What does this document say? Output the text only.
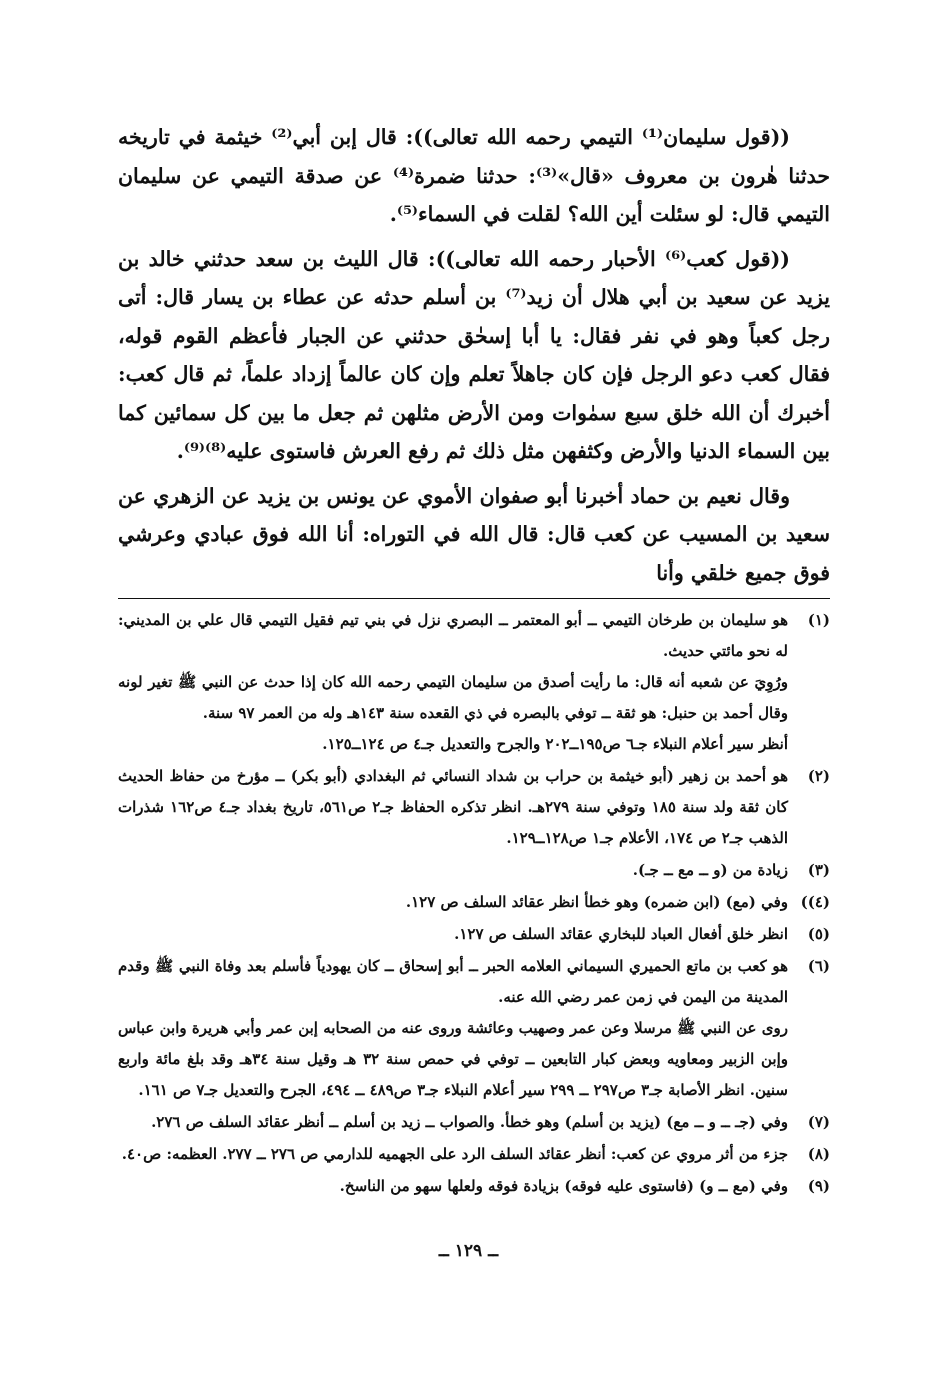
((قول سليمان⁽¹⁾ التيمي رحمه الله تعالى)): قال إبن أبي⁽²⁾ خيثمة في تاريخه حدثنا هٰرون بن معروف «قال»⁽³⁾: حدثنا ضمرة⁽⁴⁾ عن صدقة التيمي عن سليمان التيمي قال: لو سئلت أين الله؟ لقلت في السماء⁽⁵⁾.

((قول كعب⁽⁶⁾ الأحبار رحمه الله تعالى)): قال الليث بن سعد حدثني خالد بن يزيد عن سعيد بن أبي هلال أن زيد⁽⁷⁾ بن أسلم حدثه عن عطاء بن يسار قال: أتى رجل كعباً وهو في نفر فقال: يا أبا إسحٰق حدثني عن الجبار فأعظم القوم قوله، فقال كعب دعو الرجل فإن كان جاهلاً تعلم وإن كان عالماً إزداد علماً، ثم قال كعب: أخبرك أن الله خلق سبع سمٰوات ومن الأرض مثلهن ثم جعل ما بين كل سمائين كما بين السماء الدنيا والأرض وكثفهن مثل ذلك ثم رفع العرش فاستوى عليه⁽⁸⁾⁽⁹⁾.

وقال نعيم بن حماد أخبرنا أبو صفوان الأموي عن يونس بن يزيد عن الزهري عن سعيد بن المسيب عن كعب قال: قال الله في التوراه: أنا الله فوق عبادي وعرشي فوق جميع خلقي وأنا

(١)

هو سليمان بن طرخان التيمي ــ أبو المعتمر ــ البصري نزل في بني تيم فقيل التيمي قال علي بن المديني: له نحو مائتي حديث.

ورُوِيَ عن شعبه أنه قال: ما رأيت أصدق من سليمان التيمي رحمه الله كان إذا حدث عن النبي ﷺ تغير لونه وقال أحمد بن حنبل: هو ثقة ــ توفي بالبصره في ذي القعده سنة ١٤٣هـ وله من العمر ٩٧ سنة.

أنظر سير أعلام النبلاء جـ٦ ص١٩٥ــ٢٠٢ والجرح والتعديل جـ٤ ص ١٢٤ــ١٢٥.

(٢)

هو أحمد بن زهير (أبو خيثمة بن حراب بن شداد النسائي ثم البغدادي (أبو بكر) ــ مؤرخ من حفاظ الحديث كان ثقة ولد سنة ١٨٥ وتوفي سنة ٢٧٩هـ. انظر تذكره الحفاظ جـ٢ ص٥٦١، تاريخ بغداد جـ٤ ص١٦٢ شذرات الذهب جـ٢ ص ١٧٤، الأعلام جـ١ ص١٢٨ــ١٢٩.

(٣)

زيادة من (و ــ مع ــ جـ).

(٤))

وفي (مع) (ابن ضمره) وهو خطأ انظر عقائد السلف ص ١٢٧.

(٥)

انظر خلق أفعال العباد للبخاري عقائد السلف ص ١٢٧.

(٦)

هو كعب بن ماتع الحميري السيماني العلامه الحبر ــ أبو إسحاق ــ كان يهودياً فأسلم بعد وفاة النبي ﷺ وقدم المدينة من اليمن في زمن عمر رضي الله عنه.

روى عن النبي ﷺ مرسلا وعن عمر وصهيب وعائشة وروى عنه من الصحابه إبن عمر وأبي هريرة وابن عباس وإبن الزبير ومعاويه وبعض كبار التابعين ــ توفي في حمص سنة ٣٢ هـ وقيل سنة ٣٤هـ وقد بلغ مائة واربع سنين. انظر الأصابة جـ٣ ص٢٩٧ ــ ٢٩٩ سير أعلام النبلاء جـ٣ ص٤٨٩ ــ ٤٩٤، الجرح والتعديل جـ٧ ص ١٦١.

(٧)

وفي (جـ ــ و ــ مع) (يزيد بن أسلم) وهو خطأ. والصواب ــ زيد بن أسلم ــ أنظر عقائد السلف ص ٢٧٦.

(٨)

جزء من أثر مروي عن كعب: أنظر عقائد السلف الرد على الجهميه للدارمي ص ٢٧٦ ــ ٢٧٧. العظمه: ص٤٠.

(٩)

وفي (مع ــ و) (فاستوى عليه فوقه) بزيادة فوقه ولعلها سهو من الناسخ.

ــ ١٢٩ ــ
